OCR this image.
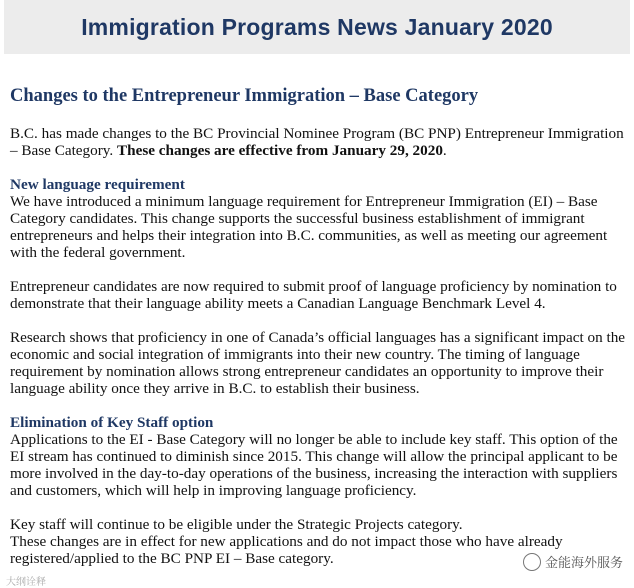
Immigration Programs News January 2020
Changes to the Entrepreneur Immigration – Base Category

B.C. has made changes to the BC Provincial Nominee Program (BC PNP) Entrepreneur Immigration – Base Category. These changes are effective from January 29, 2020.

New language requirement

We have introduced a minimum language requirement for Entrepreneur Immigration (EI) – Base Category candidates. This change supports the successful business establishment of immigrant entrepreneurs and helps their integration into B.C. communities, as well as meeting our agreement with the federal government.

Entrepreneur candidates are now required to submit proof of language proficiency by nomination to demonstrate that their language ability meets a Canadian Language Benchmark Level 4.

Research shows that proficiency in one of Canada’s official languages has a significant impact on the economic and social integration of immigrants into their new country. The timing of language requirement by nomination allows strong entrepreneur candidates an opportunity to improve their language ability once they arrive in B.C. to establish their business.

Elimination of Key Staff option

Applications to the EI - Base Category will no longer be able to include key staff. This option of the EI stream has continued to diminish since 2015. This change will allow the principal applicant to be more involved in the day-to-day operations of the business, increasing the interaction with suppliers and customers, which will help in improving language proficiency.

Key staff will continue to be eligible under the Strategic Projects category.

These changes are in effect for new applications and do not impact those who have already registered/applied to the BC PNP EI – Base category.

大纲诠释
金能海外服务
